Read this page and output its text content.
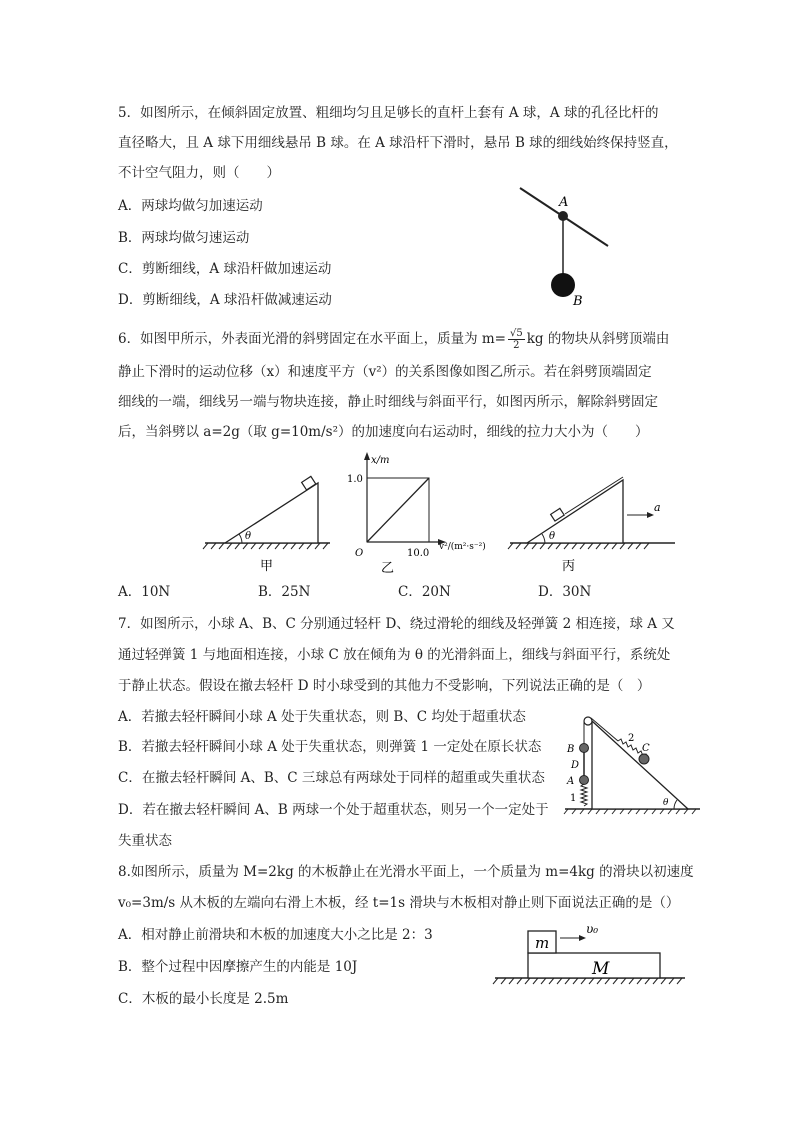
5．如图所示，在倾斜固定放置、粗细均匀且足够长的直杆上套有 A 球，A 球的孔径比杆的
直径略大，且 A 球下用细线悬吊 B 球。在 A 球沿杆下滑时，悬吊 B 球的细线始终保持竖直，
不计空气阻力，则（　　）
A．两球均做匀加速运动
B．两球均做匀速运动
C．剪断细线，A 球沿杆做加速运动
D．剪断细线，A 球沿杆做减速运动
A
B
6．如图甲所示，外表面光滑的斜劈固定在水平面上，质量为 $m= \frac{√5}{2}$ kg 的物块从斜劈顶端由
静止下滑时的运动位移（x）和速度平方（v²）的关系图像如图乙所示。若在斜劈顶端固定
细线的一端，细线另一端与物块连接，静止时细线与斜面平行，如图丙所示，解除斜劈固定
后，当斜劈以 a=2g（取 g=10m/s²）的加速度向右运动时，细线的拉力大小为（　　）
θ
甲
x/m
1.0
10.0
O
v²/(m²·s⁻²)
乙
a
θ
丙
A．10N	B．25N	C．20N	D．30N
7．如图所示，小球 A、B、C 分别通过轻杆 D、绕过滑轮的细线及轻弹簧 2 相连接，球 A 又
通过轻弹簧 1 与地面相连接，小球 C 放在倾角为 θ 的光滑斜面上，细线与斜面平行，系统处
于静止状态。假设在撤去轻杆 D 时小球受到的其他力不受影响，下列说法正确的是（　）
A．若撤去轻杆瞬间小球 A 处于失重状态，则 B、C 均处于超重状态
B．若撤去轻杆瞬间小球 A 处于失重状态，则弹簧 1 一定处在原长状态
C．在撤去轻杆瞬间 A、B、C 三球总有两球处于同样的超重或失重状态
D．若在撤去轻杆瞬间 A、B 两球一个处于超重状态，则另一个一定处于
失重状态
B
D
A
1
2
C
θ
8.如图所示，质量为 M=2kg 的木板静止在光滑水平面上，一个质量为 m=4kg 的滑块以初速度
v₀=3m/s 从木板的左端向右滑上木板，经 t=1s 滑块与木板相对静止则下面说法正确的是（）
A．相对静止前滑块和木板的加速度大小之比是 2：3
B．整个过程中因摩擦产生的内能是 10J
C．木板的最小长度是 2.5m
m
M
υ₀
